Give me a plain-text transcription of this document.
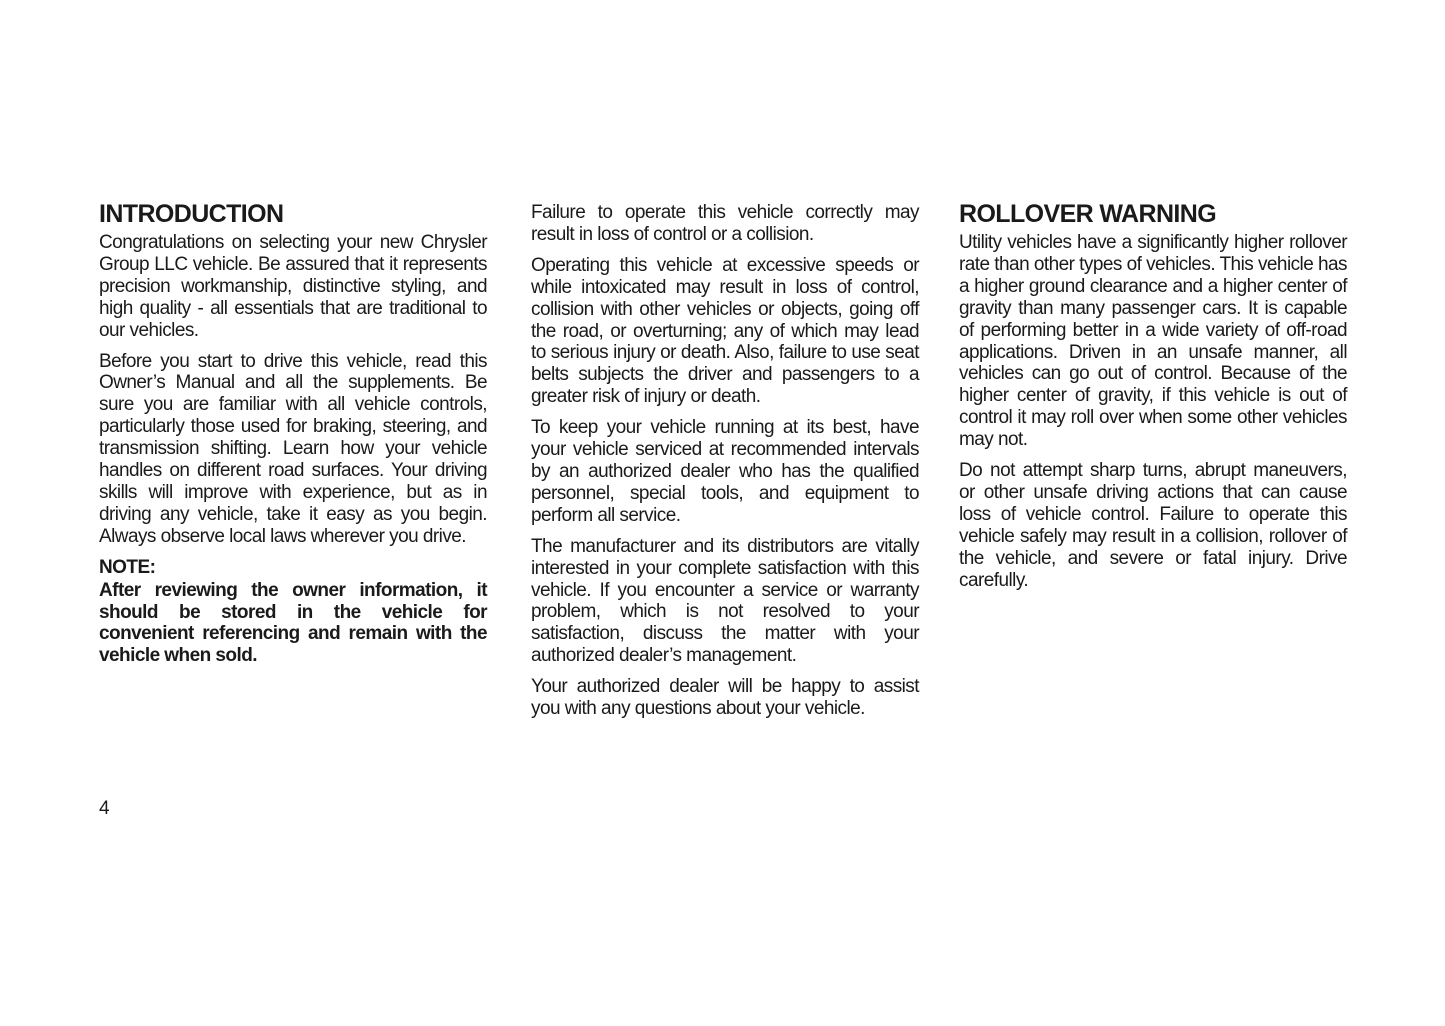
INTRODUCTION

Congratulations on selecting your new Chrysler Group LLC vehicle. Be assured that it represents precision workmanship, distinctive styling, and high quality - all essentials that are traditional to our vehicles.

Before you start to drive this vehicle, read this Owner’s Manual and all the supplements. Be sure you are familiar with all vehicle controls, particularly those used for braking, steering, and transmission shifting. Learn how your vehicle handles on different road surfaces. Your driving skills will improve with experience, but as in driving any vehicle, take it easy as you begin. Always observe local laws wherever you drive.

NOTE:
After reviewing the owner information, it should be stored in the vehicle for convenient referencing and remain with the vehicle when sold.

Failure to operate this vehicle correctly may result in loss of control or a collision.

Operating this vehicle at excessive speeds or while intoxicated may result in loss of control, collision with other vehicles or objects, going off the road, or overturning; any of which may lead to serious injury or death. Also, failure to use seat belts subjects the driver and passengers to a greater risk of injury or death.

To keep your vehicle running at its best, have your vehicle serviced at recommended intervals by an authorized dealer who has the qualified personnel, special tools, and equipment to perform all service.

The manufacturer and its distributors are vitally interested in your complete satisfaction with this vehicle. If you encounter a service or warranty problem, which is not resolved to your satisfaction, discuss the matter with your authorized dealer’s management.

Your authorized dealer will be happy to assist you with any questions about your vehicle.

ROLLOVER WARNING

Utility vehicles have a significantly higher rollover rate than other types of vehicles. This vehicle has a higher ground clearance and a higher center of gravity than many passenger cars. It is capable of performing better in a wide variety of off-road applications. Driven in an unsafe manner, all vehicles can go out of control. Because of the higher center of gravity, if this vehicle is out of control it may roll over when some other vehicles may not.

Do not attempt sharp turns, abrupt maneuvers, or other unsafe driving actions that can cause loss of vehicle control. Failure to operate this vehicle safely may result in a collision, rollover of the vehicle, and severe or fatal injury. Drive carefully.

4
